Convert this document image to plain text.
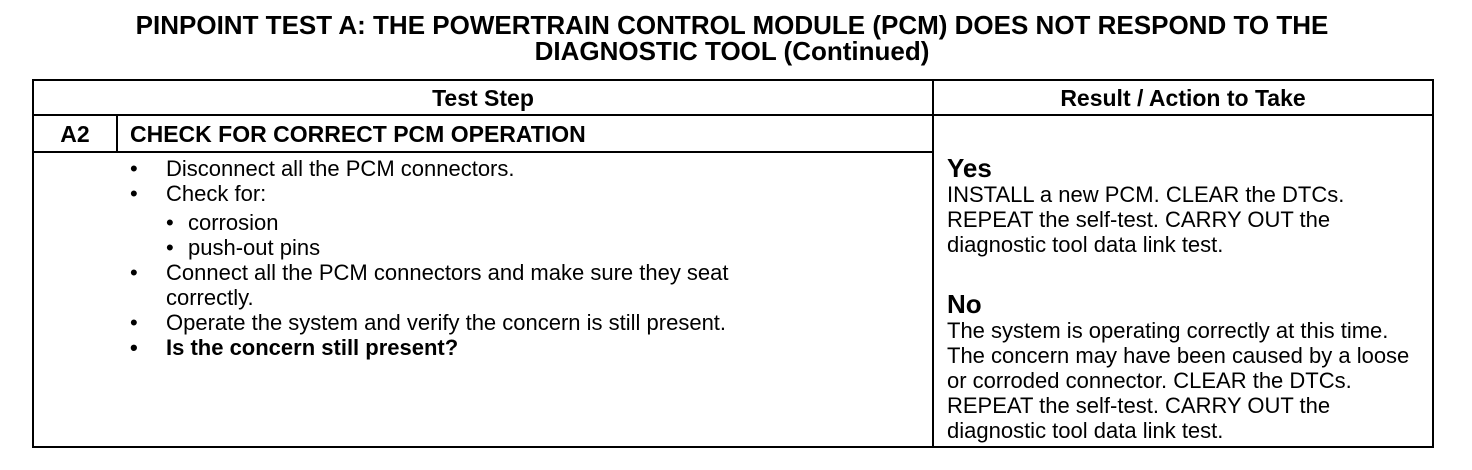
PINPOINT TEST A: THE POWERTRAIN CONTROL MODULE (PCM) DOES NOT RESPOND TO THE
DIAGNOSTIC TOOL (Continued)
Test Step	Result / Action to Take
A2	CHECK FOR CORRECT PCM OPERATION
• Disconnect all the PCM connectors.
• Check for:
• corrosion
• push-out pins
• Connect all the PCM connectors and make sure they seat
correctly.
• Operate the system and verify the concern is still present.
• Is the concern still present?
Yes
INSTALL a new PCM. CLEAR the DTCs. REPEAT the self-test. CARRY OUT the diagnostic tool data link test.
No
The system is operating correctly at this time. The concern may have been caused by a loose or corroded connector. CLEAR the DTCs. REPEAT the self-test. CARRY OUT the diagnostic tool data link test.
